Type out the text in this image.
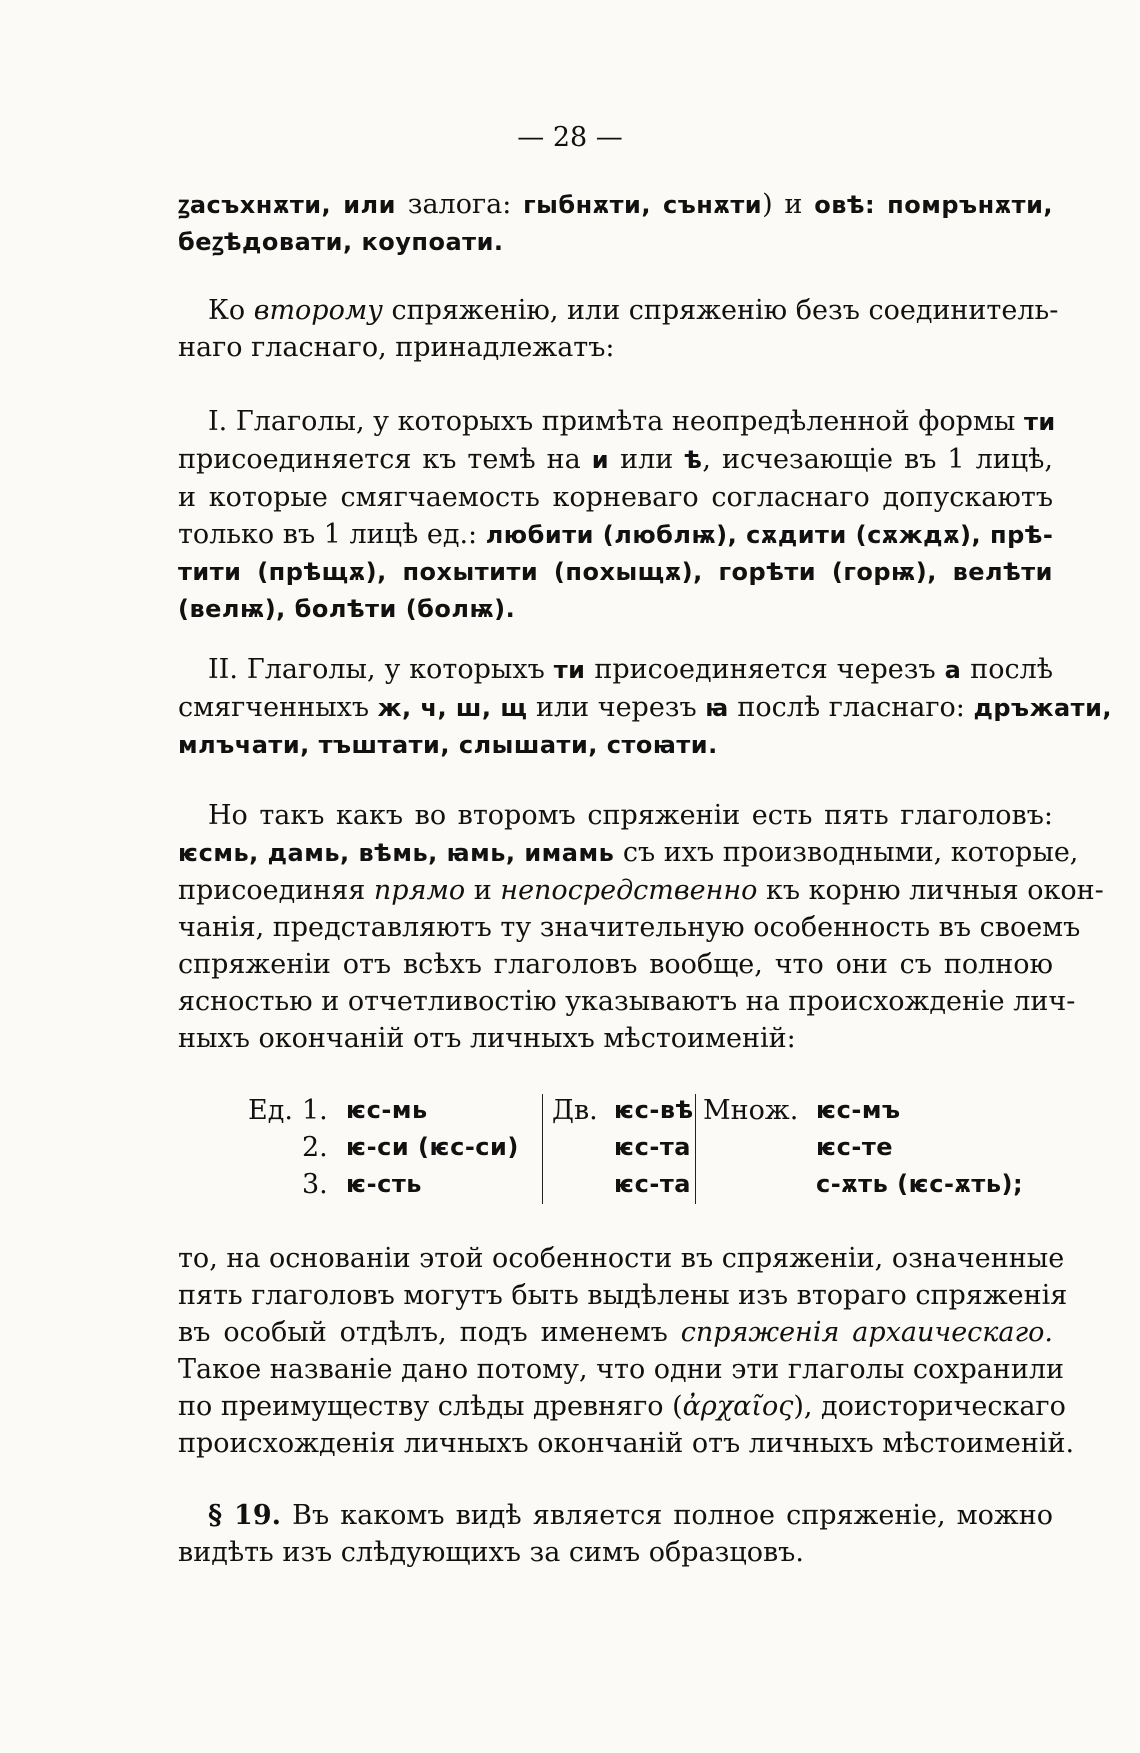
— 28 —
ꙁасъхнѫти, или залога: гыбнѫти, сънѫти) и овѣ: помрънѫти,
беꙁѣдовати, коупоати.
Ко второму спряженію, или спряженію безъ соединитель-
наго гласнаго, принадлежатъ:
I. Глаголы, у которыхъ примѣта неопредѣленной формы ти
присоединяется къ темѣ на и или ѣ, исчезающіе въ 1 лицѣ,
и которые смягчаемость корневаго согласнаго допускаютъ
только въ 1 лицѣ ед.: любити (люблѭ), сѫдити (сѫждѫ), прѣ-
тити (прѣщѫ), похытити (похыщѫ), горѣти (горѭ), велѣти
(велѭ), болѣти (болѭ).
II. Глаголы, у которыхъ ти присоединяется черезъ а послѣ
смягченныхъ ж, ч, ш, щ или черезъ ꙗ послѣ гласнаго: дръжати,
млъчати, тъштати, слышати, стоꙗти.
Но такъ какъ во второмъ спряженіи есть пять глаголовъ:
ѥсмь, дамь, вѣмь, ꙗмь, имамь съ ихъ производными, которые,
присоединяя прямо и непосредственно къ корню личныя окон-
чанія, представляютъ ту значительную особенность въ своемъ
спряженіи отъ всѣхъ глаголовъ вообще, что они съ полною
ясностью и отчетливостію указываютъ на происхожденіе лич-
ныхъ окончаній отъ личныхъ мѣстоименій:
Ед. 1.
2.
3.
ѥс-мь
ѥ-си (ѥс-си)
ѥ-сть
Дв. ѥс-вѣ
ѥс-та
ѥс-та
Множ. ѥс-мъ
ѥс-те
с-ѫть (ѥс-ѫть);
то, на основаніи этой особенности въ спряженіи, означенные
пять глаголовъ могутъ быть выдѣлены изъ втораго спряженія
въ особый отдѣлъ, подъ именемъ спряженія архаическаго.
Такое названіе дано потому, что одни эти глаголы сохранили
по преимуществу слѣды древняго (ἀρχαῖος), доисторическаго
происхожденія личныхъ окончаній отъ личныхъ мѣстоименій.
§ 19. Въ какомъ видѣ является полное спряженіе, можно
видѣть изъ слѣдующихъ за симъ образцовъ.
